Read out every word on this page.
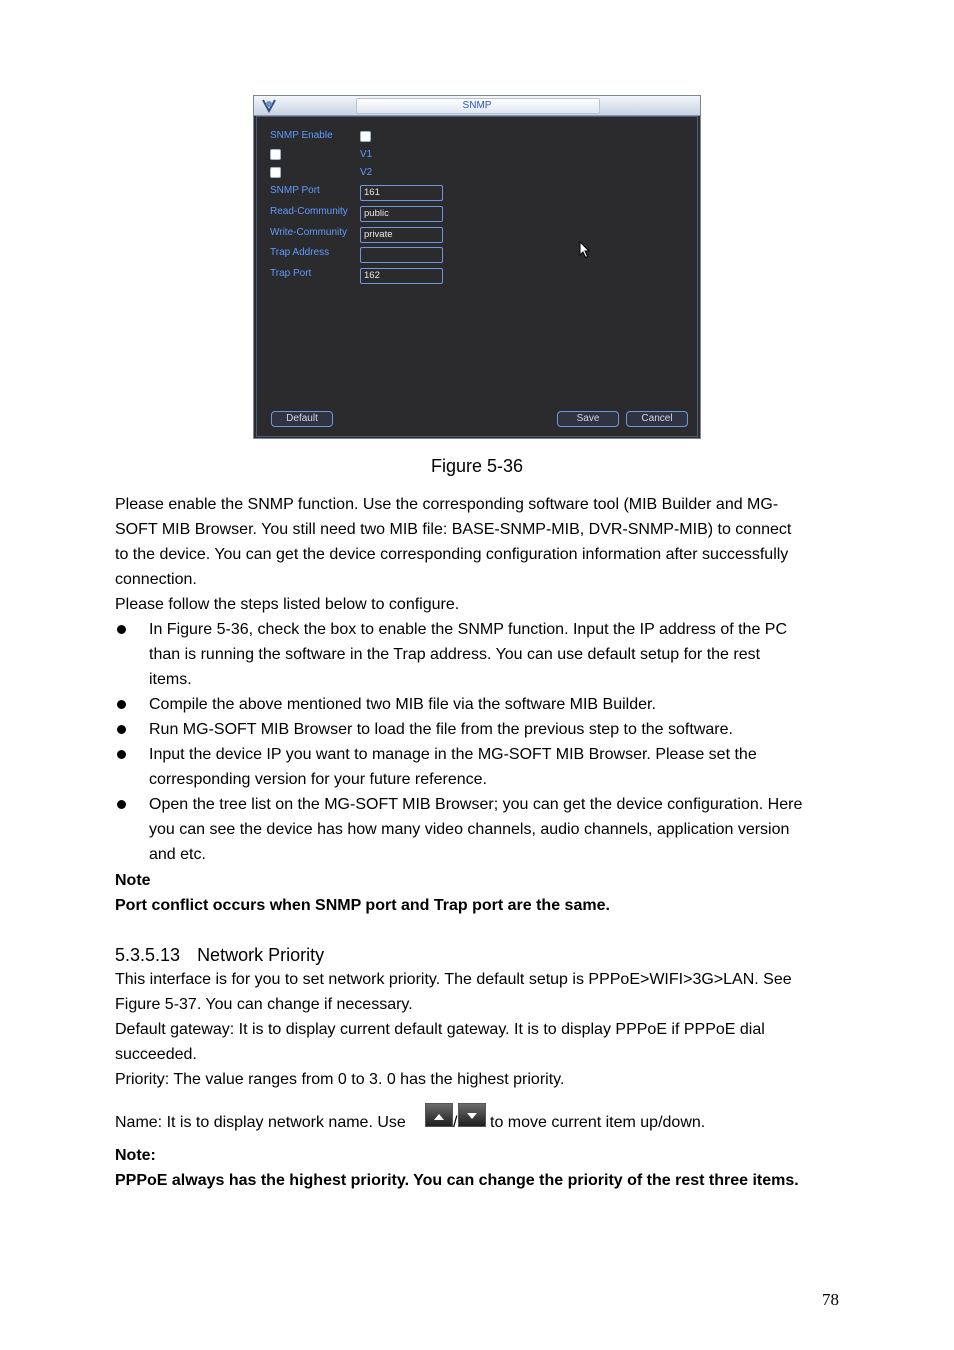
SNMP
SNMP Enable
V1
V2
SNMP Port	161
Read-Community	public
Write-Community	private
Trap Address
Trap Port	162
Default	Save	Cancel
Figure 5-36
Please enable the SNMP function. Use the corresponding software tool (MIB Builder and MG-
SOFT MIB Browser. You still need two MIB file: BASE-SNMP-MIB, DVR-SNMP-MIB) to connect
to the device. You can get the device corresponding configuration information after successfully
connection.
Please follow the steps listed below to configure.
In Figure 5-36, check the box to enable the SNMP function. Input the IP address of the PC
than is running the software in the Trap address. You can use default setup for the rest
items.
Compile the above mentioned two MIB file via the software MIB Builder.
Run MG-SOFT MIB Browser to load the file from the previous step to the software.
Input the device IP you want to manage in the MG-SOFT MIB Browser. Please set the
corresponding version for your future reference.
Open the tree list on the MG-SOFT MIB Browser; you can get the device configuration. Here
you can see the device has how many video channels, audio channels, application version
and etc.
Note
Port conflict occurs when SNMP port and Trap port are the same.
5.3.5.13 Network Priority
This interface is for you to set network priority. The default setup is PPPoE>WIFI>3G>LAN. See
Figure 5-37. You can change if necessary.
Default gateway: It is to display current default gateway. It is to display PPPoE if PPPoE dial
succeeded.
Priority: The value ranges from 0 to 3. 0 has the highest priority.
Name: It is to display network name. Use	/ to move current item up/down.
Note:
PPPoE always has the highest priority. You can change the priority of the rest three items.
78
